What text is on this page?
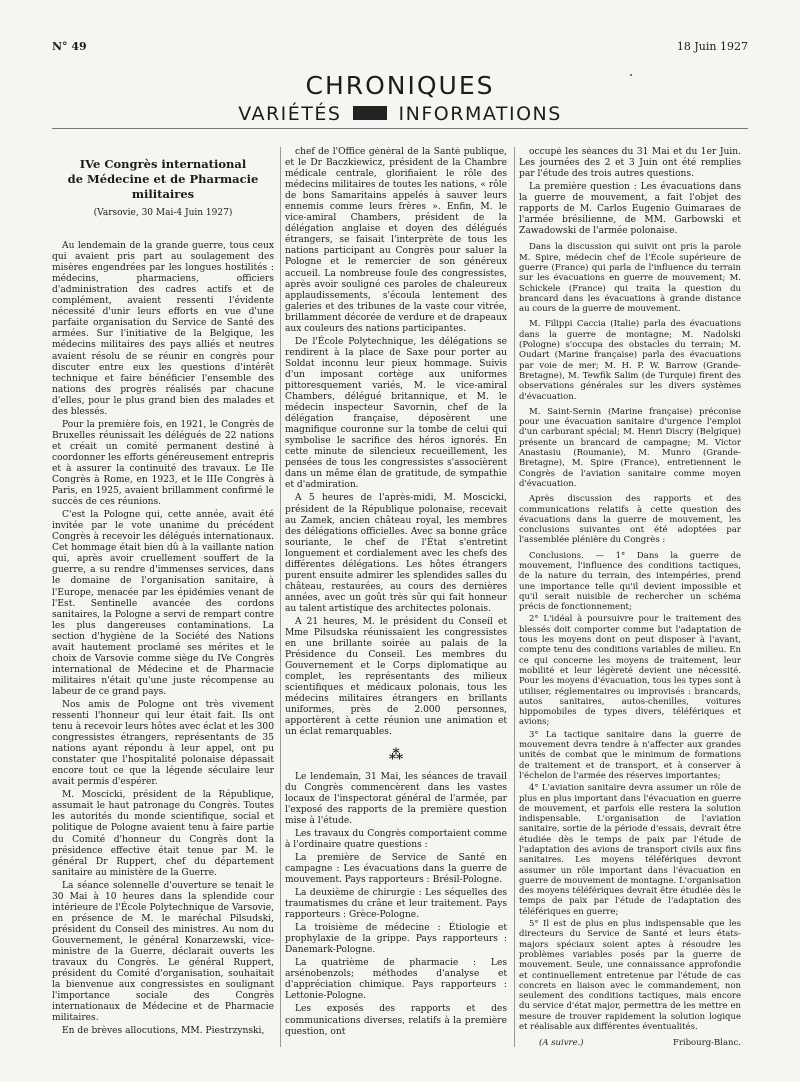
N° 49	18 Juin 1927
CHRONIQUES
VARIÉTÉS	INFORMATIONS
IVe Congrès international
de Médecine et de Pharmacie militaires
(Varsovie, 30 Mai-4 Juin 1927)

Au lendemain de la grande guerre, tous ceux qui avaient pris part au soulagement des misères engendrées par les longues hostilités : médecins, pharmaciens, officiers d'administration des cadres actifs et de complément, avaient ressenti l'évidente nécessité d'unir leurs efforts en vue d'une parfaite organisation du Service de Santé des armées. Sur l'initiative de la Belgique, les médecins militaires des pays alliés et neutres avaient résolu de se réunir en congrès pour discuter entre eux les questions d'intérêt technique et faire bénéficier l'ensemble des nations des progrès réalisés par chacune d'elles, pour le plus grand bien des malades et des blessés.

Pour la première fois, en 1921, le Congrès de Bruxelles réunissait les délégués de 22 nations et créait un comité permanent destiné à coordonner les efforts généreusement entrepris et à assurer la continuité des travaux. Le IIe Congrès à Rome, en 1923, et le IIIe Congrès à Paris, en 1925, avaient brillamment confirmé le succès de ces réunions.

C'est la Pologne qui, cette année, avait été invitée par le vote unanime du précédent Congrès à recevoir les délégués internationaux. Cet hommage était bien dû à la vaillante nation qui, après avoir cruellement souffert de la guerre, a su rendre d'immenses services, dans le domaine de l'organisation sanitaire, à l'Europe, menacée par les épidémies venant de l'Est. Sentinelle avancée des cordons sanitaires, la Pologne a servi de rempart contre les plus dangereuses contaminations. La section d'hygiène de la Société des Nations avait hautement proclamé ses mérites et le choix de Varsovie comme siège du IVe Congrès international de Médecine et de Pharmacie militaires n'était qu'une juste récompense au labeur de ce grand pays.

Nos amis de Pologne ont très vivement ressenti l'honneur qui leur était fait. Ils ont tenu à recevoir leurs hôtes avec éclat et les 300 congressistes étrangers, représentants de 35 nations ayant répondu à leur appel, ont pu constater que l'hospitalité polonaise dépassait encore tout ce que la légende séculaire leur avait permis d'espérer.

M. Moscicki, président de la République, assumait le haut patronage du Congrès. Toutes les autorités du monde scientifique, social et politique de Pologne avaient tenu à faire partie du Comité d'honneur du Congrès dont la présidence effective était tenue par M. le général Dr Ruppert, chef du département sanitaire au ministère de la Guerre.

La séance solennelle d'ouverture se tenait le 30 Mai à 10 heures dans la splendide cour intérieure de l'École Polytechnique de Varsovie, en présence de M. le maréchal Pilsudski, président du Conseil des ministres. Au nom du Gouvernement, le général Konarzewski, vice-ministre de la Guerre, déclarait ouverts les travaux du Congrès. Le général Ruppert, président du Comité d'organisation, souhaitait la bienvenue aux congressistes en soulignant l'importance sociale des Congrès internationaux de Médecine et de Pharmacie militaires.

En de brèves allocutions, MM. Piestrzynski,

chef de l'Office général de la Santé publique, et le Dr Baczkiewicz, président de la Chambre médicale centrale, glorifiaient le rôle des médecins militaires de toutes les nations, « rôle de bons Samaritains appelés à sauver leurs ennemis comme leurs frères ». Enfin, M. le vice-amiral Chambers, président de la délégation anglaise et doyen des délégués étrangers, se faisait l'interprète de tous les nations participant au Congrès pour saluer la Pologne et le remercier de son généreux accueil. La nombreuse foule des congressistes, après avoir souligné ces paroles de chaleureux applaudissements, s'écoula lentement des galeries et des tribunes de la vaste cour vitrée, brillamment décorée de verdure et de drapeaux aux couleurs des nations participantes.

De l'École Polytechnique, les délégations se rendirent à la place de Saxe pour porter au Soldat inconnu leur pieux hommage. Suivis d'un imposant cortège aux uniformes pittoresquement variés, M. le vice-amiral Chambers, délégué britannique, et M. le médecin inspecteur Savornin, chef de la délégation française, déposèrent une magnifique couronne sur la tombe de celui qui symbolise le sacrifice des héros ignorés. En cette minute de silencieux recueillement, les pensées de tous les congressistes s'associèrent dans un même élan de gratitude, de sympathie et d'admiration.

A 5 heures de l'après-midi, M. Moscicki, président de la République polonaise, recevait au Zamek, ancien château royal, les membres des délégations officielles. Avec sa bonne grâce souriante, le chef de l'État s'entretint longuement et cordialement avec les chefs des différentes délégations. Les hôtes étrangers purent ensuite admirer les splendides salles du château, restaurées, au cours des dernières années, avec un goût très sûr qui fait honneur au talent artistique des architectes polonais.

A 21 heures, M. le président du Conseil et Mme Pilsudska réunissaient les congressistes en une brillante soirée au palais de la Présidence du Conseil. Les membres du Gouvernement et le Corps diplomatique au complet, les représentants des milieux scientifiques et médicaux polonais, tous les médecins militaires étrangers en brillants uniformes, près de 2.000 personnes, apportèrent à cette réunion une animation et un éclat remarquables.

⁂

Le lendemain, 31 Mai, les séances de travail du Congrès commencèrent dans les vastes locaux de l'inspectorat général de l'armée, par l'exposé des rapports de la première question mise à l'étude.

Les travaux du Congrès comportaient comme à l'ordinaire quatre questions :

La première de Service de Santé en campagne : Les évacuations dans la guerre de mouvement. Pays rapporteurs : Brésil-Pologne.

La deuxième de chirurgie : Les séquelles des traumatismes du crâne et leur traitement. Pays rapporteurs : Grèce-Pologne.

La troisième de médecine : Étiologie et prophylaxie de la grippe. Pays rapporteurs : Danemark-Pologne.

La quatrième de pharmacie : Les arsénobenzols; méthodes d'analyse et d'appréciation chimique. Pays rapporteurs : Lettonie-Pologne.

Les exposés des rapports et des communications diverses, relatifs à la première question, ont

occupé les séances du 31 Mai et du 1er Juin. Les journées des 2 et 3 Juin ont été remplies par l'étude des trois autres questions.

La première question : Les évacuations dans la guerre de mouvement, a fait l'objet des rapports de M. Carlos Eugenio Guimaraes de l'armée brésilienne, de MM. Garbowski et Zawadowski de l'armée polonaise.

Dans la discussion qui suivit ont pris la parole M. Spire, médecin chef de l'École supérieure de guerre (France) qui parla de l'influence du terrain sur les évacuations en guerre de mouvement; M. Schickele (France) qui traita la question du brancard dans les évacuations à grande distance au cours de la guerre de mouvement.

M. Filippi Caccia (Italie) parla des évacuations dans la guerre de montagne; M. Nadolski (Pologne) s'occupa des obstacles du terrain; M. Oudart (Marine française) parla des évacuations par voie de mer; M. H. P. W. Barrow (Grande-Bretagne), M. Tewfik Salim (de Turquie) firent des observations générales sur les divers systèmes d'évacuation.

M. Saint-Sernin (Marine française) préconise pour une évacuation sanitaire d'urgence l'emploi d'un carburant spécial; M. Henri Discry (Belgique) présente un brancard de campagne; M. Victor Anastasiu (Roumanie), M. Munro (Grande-Bretagne), M. Spire (France), entretiennent le Congrès de l'aviation sanitaire comme moyen d'évacuation.

Après discussion des rapports et des communications relatifs à cette question des évacuations dans la guerre de mouvement, les conclusions suivantes ont été adoptées par l'assemblée plénière du Congrès :

Conclusions. — 1° Dans la guerre de mouvement, l'influence des conditions tactiques, de la nature du terrain, des intempéries, prend une importance telle qu'il devient impossible et qu'il serait nuisible de rechercher un schéma précis de fonctionnement;

2° L'idéal à poursuivre pour le traitement des blessés doit comporter comme but l'adaptation de tous les moyens dont on peut disposer à l'avant, compte tenu des conditions variables de milieu. En ce qui concerne les moyens de traitement, leur mobilité et leur légèreté devient une nécessité. Pour les moyens d'évacuation, tous les types sont à utiliser, réglementaires ou improvisés : brancards, autos sanitaires, autos-chenilles, voitures hippomobiles de types divers, téléfériques et avions;

3° La tactique sanitaire dans la guerre de mouvement devra tendre à n'affecter aux grandes unités de combat que le minimum de formations de traitement et de transport, et à conserver à l'échelon de l'armée des réserves importantes;

4° L'aviation sanitaire devra assumer un rôle de plus en plus important dans l'évacuation en guerre de mouvement, et parfois elle restera la solution indispensable. L'organisation de l'aviation sanitaire, sortie de la période d'essais, devrait être étudiée dès le temps de paix par l'étude de l'adaptation des avions de transport civils aux fins sanitaires. Les moyens téléfériques devront assumer un rôle important dans l'évacuation en guerre de mouvement de montagne. L'organisation des moyens téléfériques devrait être étudiée dès le temps de paix par l'étude de l'adaptation des téléfériques en guerre;

5° Il est de plus en plus indispensable que les directeurs du Service de Santé et leurs états-majors spéciaux soient aptes à résoudre les problèmes variables posés par la guerre de mouvement. Seule, une connaissance approfondie et continuellement entretenue par l'étude de cas concrets en liaison avec le commandement, non seulement des conditions tactiques, mais encore du service d'état major, permettra de les mettre en mesure de trouver rapidement la solution logique et réalisable aux différentes éventualités.

(A suivre.)	Fribourg-Blanc.
